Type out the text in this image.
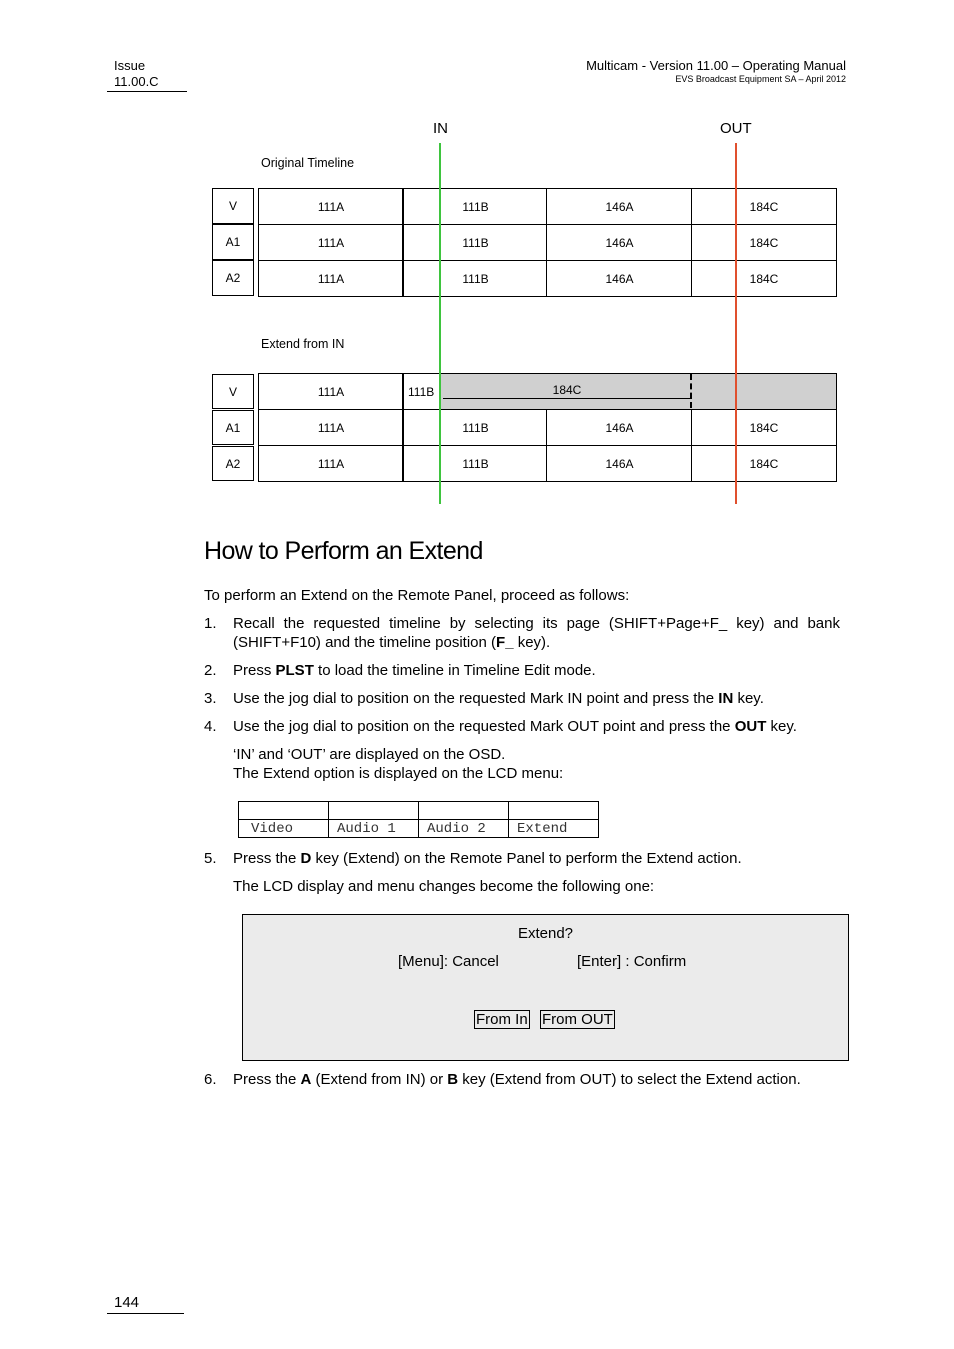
Issue
11.00.C
Multicam - Version 11.00 – Operating Manual
EVS Broadcast Equipment SA – April 2012
IN	OUT
Original Timeline
Extend from IN
V	111A	111B	146A	184C
A1	111A	111B	146A	184C
A2	111A	111B	146A	184C
V	111A	111B	184C
A1	111A	111B	146A	184C
A2	111A	111B	146A	184C
How to Perform an Extend
To perform an Extend on the Remote Panel, proceed as follows:
1. Recall the requested timeline by selecting its page (SHIFT+Page+F_ key) and bank (SHIFT+F10) and the timeline position (F_ key).
2. Press PLST to load the timeline in Timeline Edit mode.
3. Use the jog dial to position on the requested Mark IN point and press the IN key.
4. Use the jog dial to position on the requested Mark OUT point and press the OUT key.
‘IN’ and ‘OUT’ are displayed on the OSD.
The Extend option is displayed on the LCD menu:

Video	Audio 1	Audio 2	Extend
5. Press the D key (Extend) on the Remote Panel to perform the Extend action.
The LCD display and menu changes become the following one:
Extend?
[Menu]: Cancel	[Enter] : Confirm
From In From OUT
6. Press the A (Extend from IN) or B key (Extend from OUT) to select the Extend action.
144
